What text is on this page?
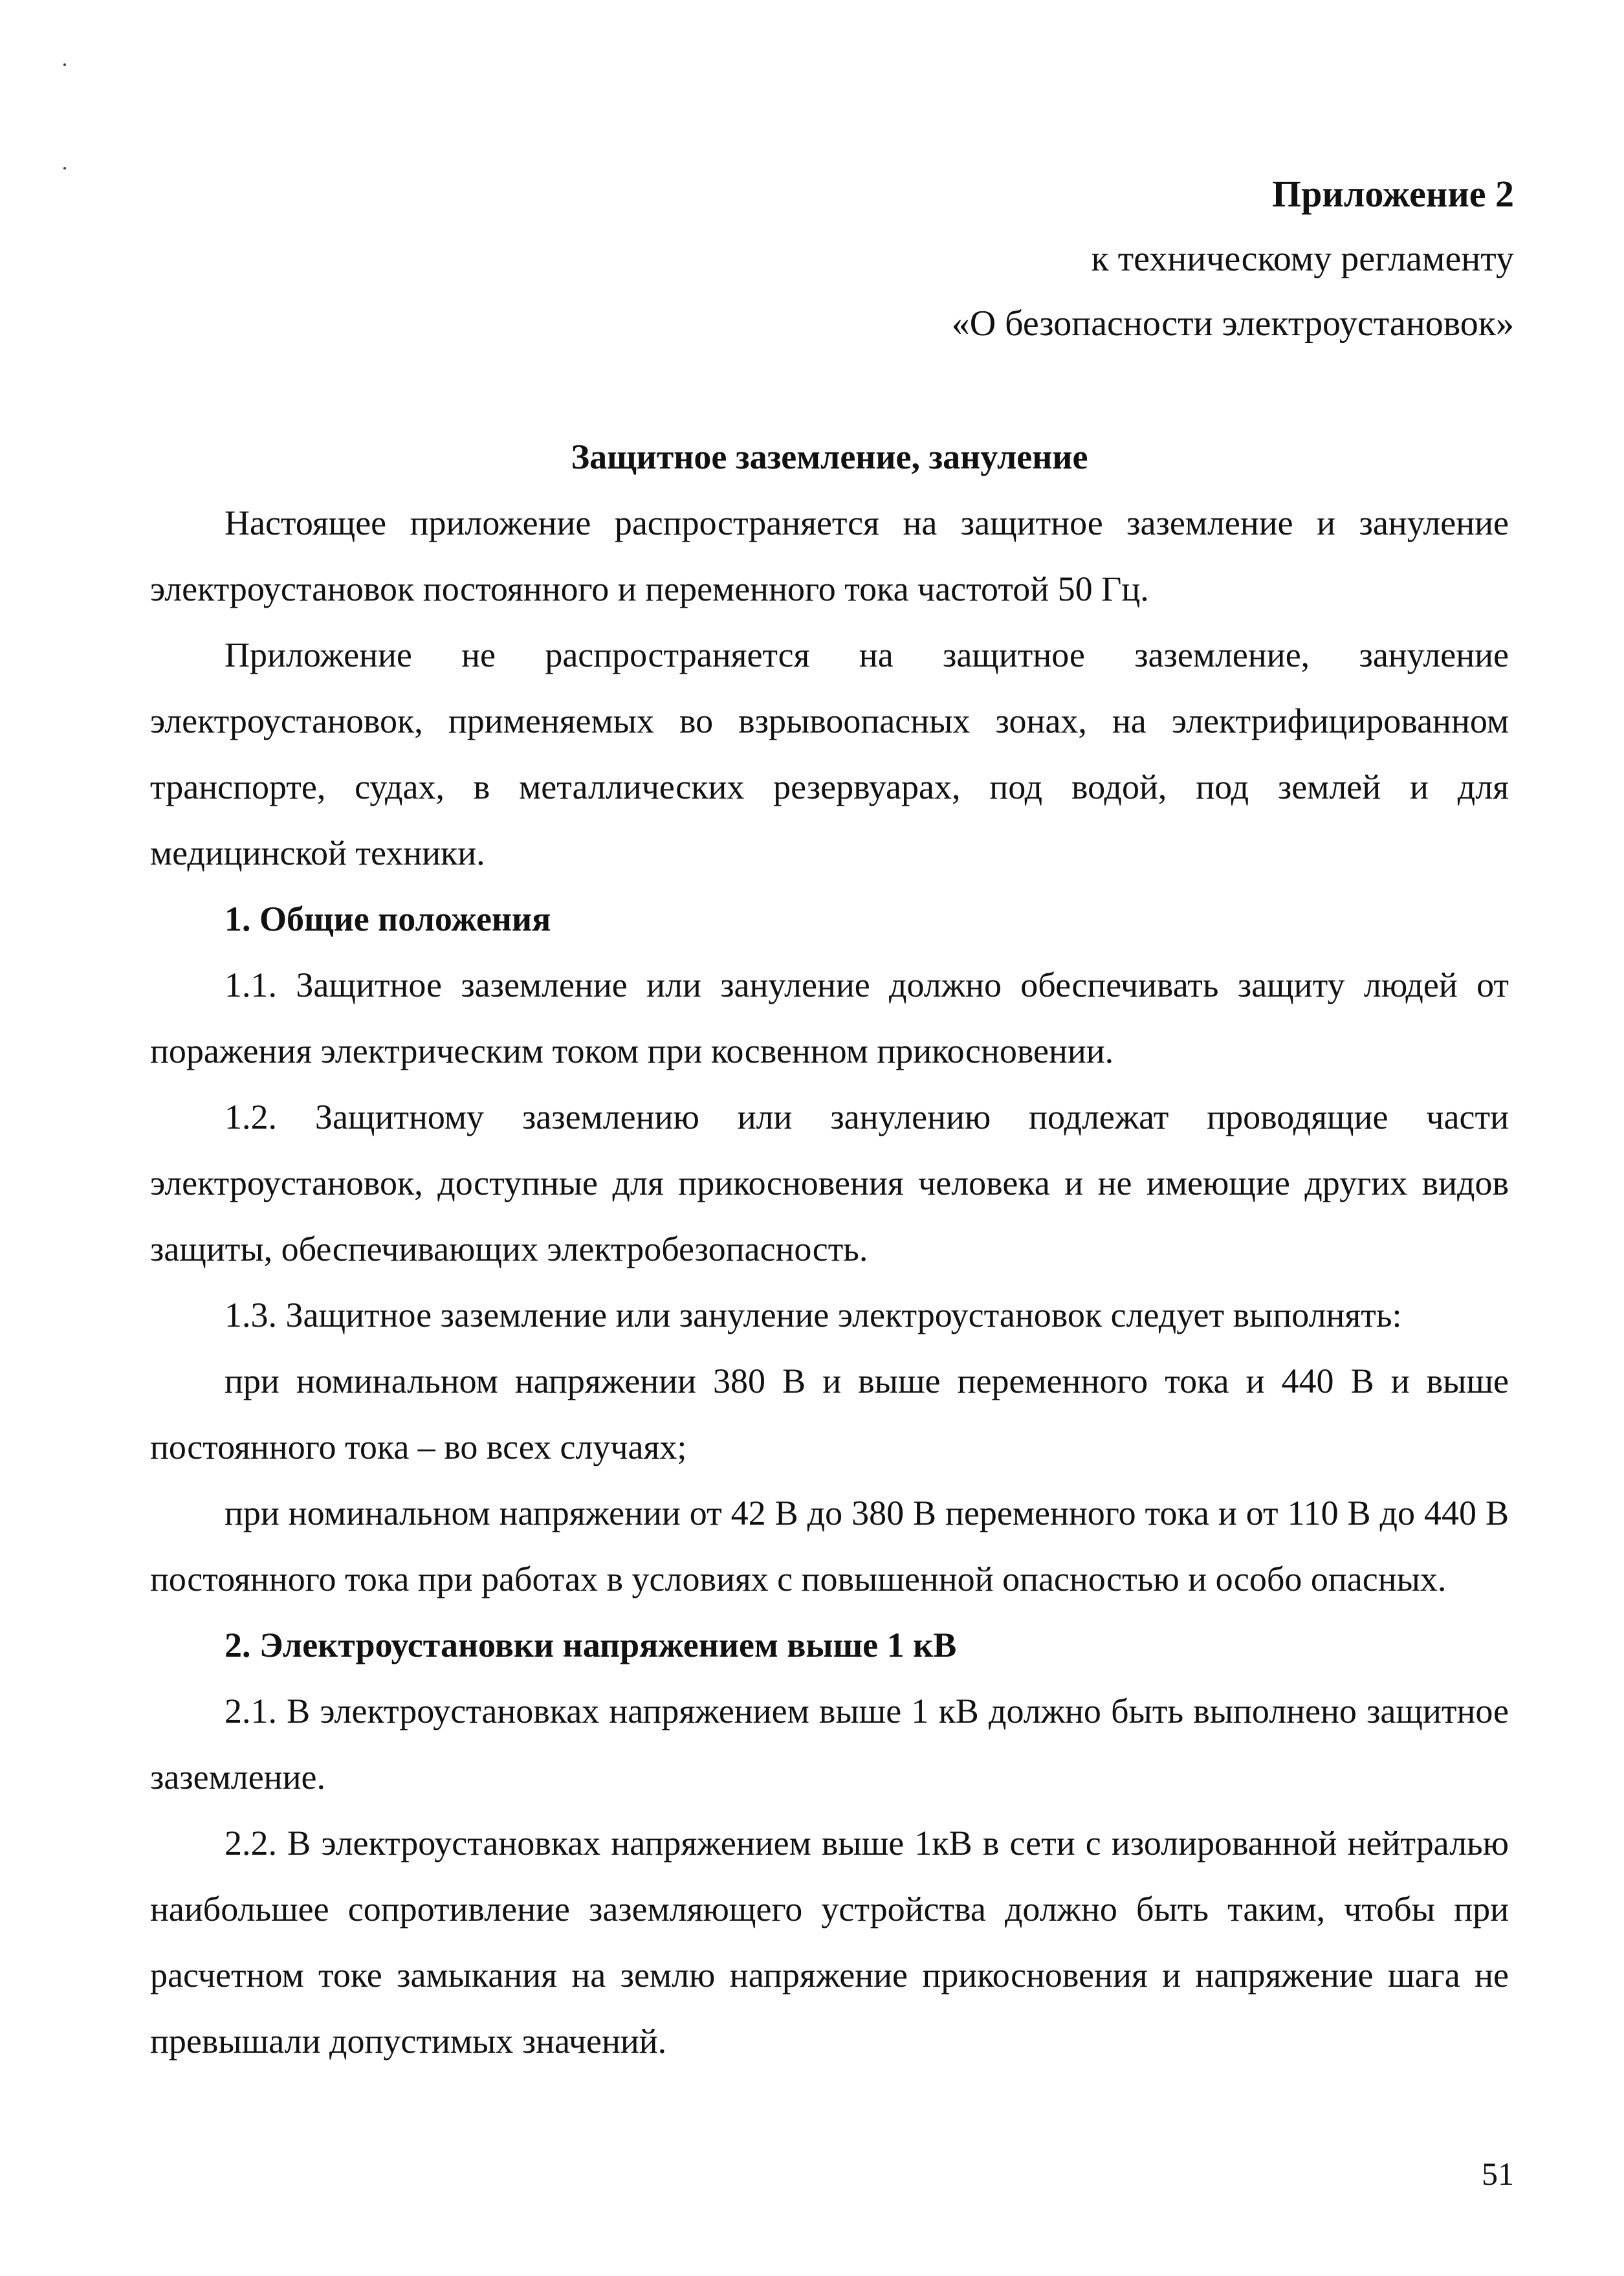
Приложение 2
к техническому регламенту
«О безопасности электроустановок»

Защитное заземление, зануление

Настоящее приложение распространяется на защитное заземление и зануление электроустановок постоянного и переменного тока частотой 50 Гц.

Приложение не распространяется на защитное заземление, зануление электроустановок, применяемых во взрывоопасных зонах, на электрифицированном транспорте, судах, в металлических резервуарах, под водой, под землей и для медицинской техники.

1. Общие положения

1.1. Защитное заземление или зануление должно обеспечивать защиту людей от поражения электрическим током при косвенном прикосновении.

1.2. Защитному заземлению или занулению подлежат проводящие части электроустановок, доступные для прикосновения человека и не имеющие других видов защиты, обеспечивающих электробезопасность.

1.3. Защитное заземление или зануление электроустановок следует выполнять:

при номинальном напряжении 380 В и выше переменного тока и 440 В и выше постоянного тока – во всех случаях;

при номинальном напряжении от 42 В до 380 В переменного тока и от 110 В до 440 В постоянного тока при работах в условиях с повышенной опасностью и особо опасных.

2. Электроустановки напряжением выше 1 кВ

2.1. В электроустановках напряжением выше 1 кВ должно быть выполнено защитное заземление.

2.2. В электроустановках напряжением выше 1кВ в сети с изолированной нейтралью наибольшее сопротивление заземляющего устройства должно быть таким, чтобы при расчетном токе замыкания на землю напряжение прикосновения и напряжение шага не превышали допустимых значений.

51
